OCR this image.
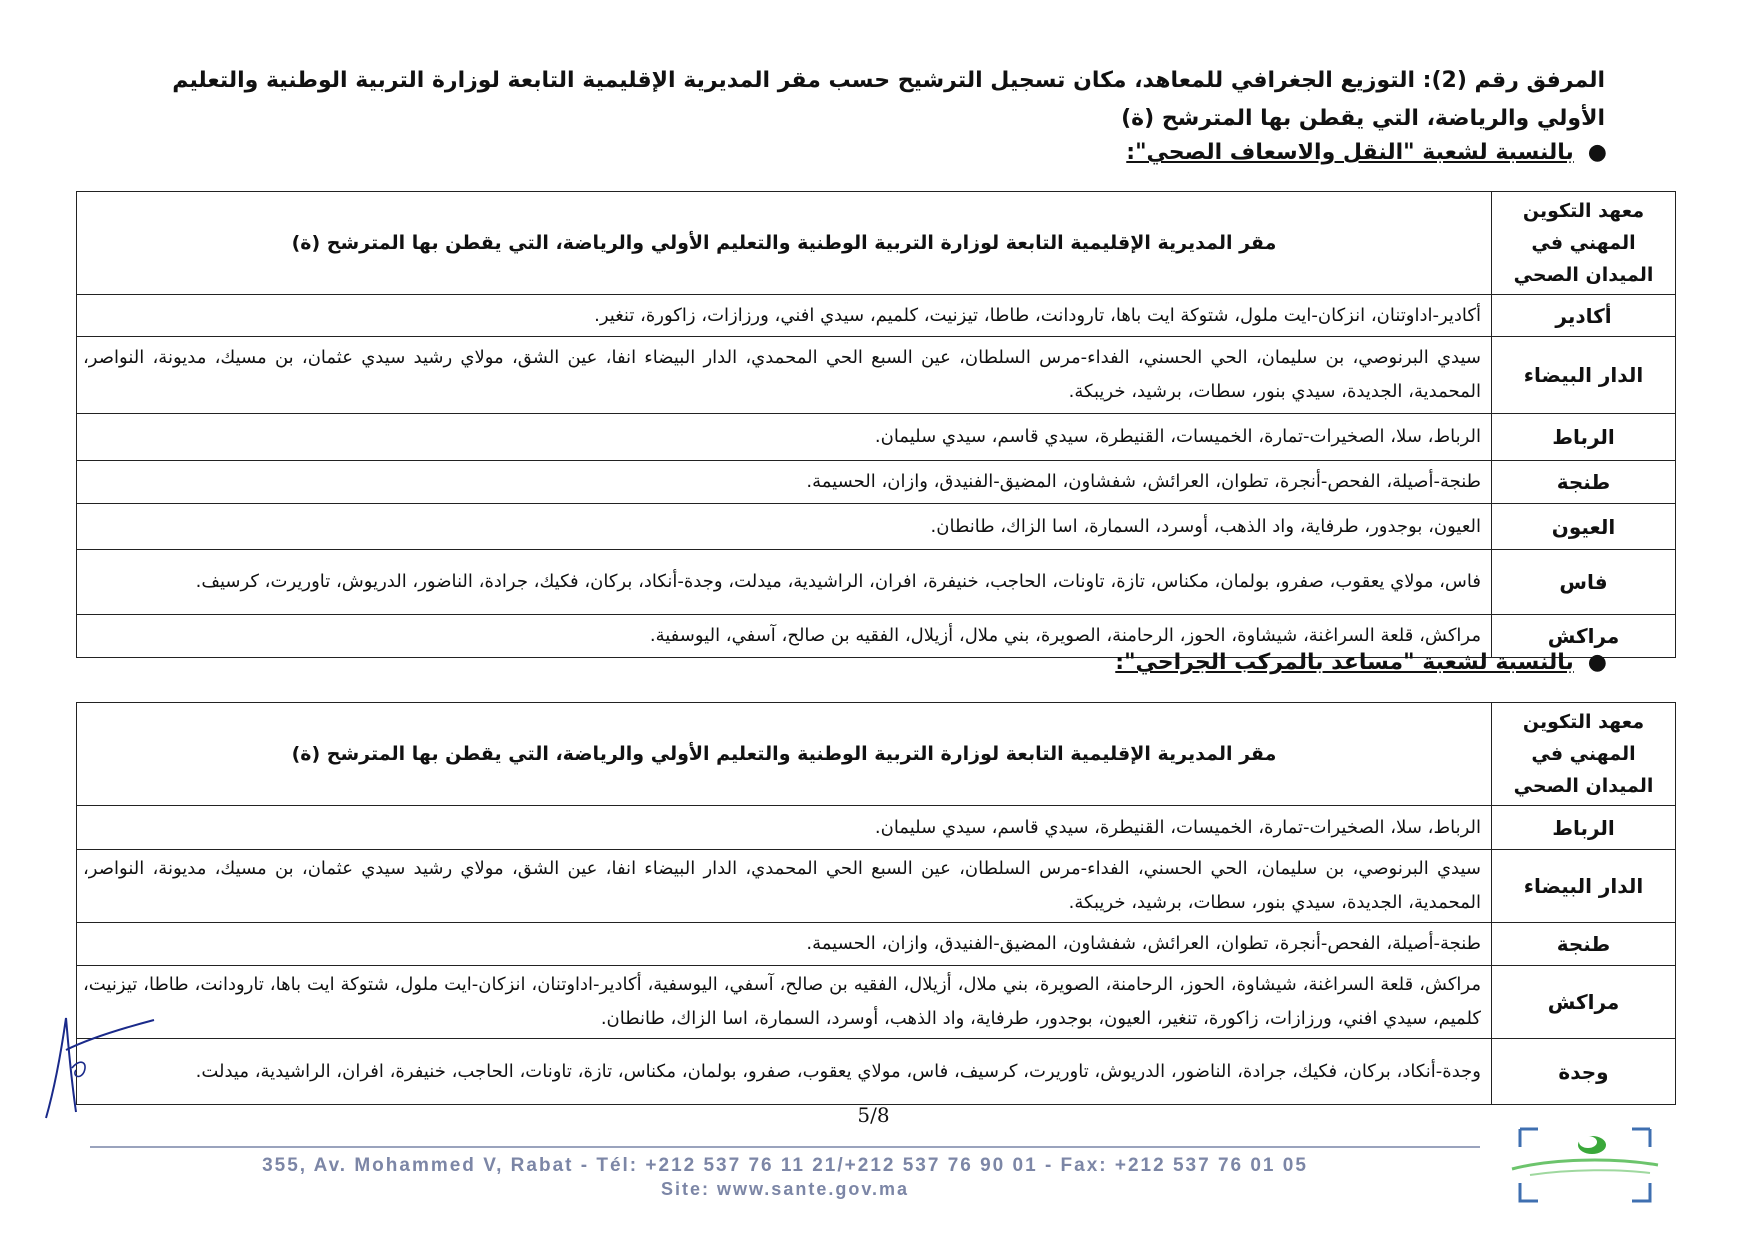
المرفق رقم (2): التوزيع الجغرافي للمعاهد، مكان تسجيل الترشيح حسب مقر المديرية الإقليمية التابعة لوزارة التربية الوطنية والتعليم الأولي والرياضة، التي يقطن بها المترشح (ة)
●بالنسبة لشعبة "النقل والاسعاف الصحي":
معهد التكوين المهني في الميدان الصحي	مقر المديرية الإقليمية التابعة لوزارة التربية الوطنية والتعليم الأولي والرياضة، التي يقطن بها المترشح (ة)
أكادير	أكادير-اداوتنان، انزكان-ايت ملول، شتوكة ايت باها، تارودانت، طاطا، تيزنيت، كلميم، سيدي افني، ورزازات، زاكورة، تنغير.
الدار البيضاء	سيدي البرنوصي، بن سليمان، الحي الحسني، الفداء-مرس السلطان، عين السبع الحي المحمدي، الدار البيضاء انفا، عين الشق، مولاي رشيد سيدي عثمان، بن مسيك، مديونة، النواصر، المحمدية، الجديدة، سيدي بنور، سطات، برشيد، خريبكة.
الرباط	الرباط، سلا، الصخيرات-تمارة، الخميسات، القنيطرة، سيدي قاسم، سيدي سليمان.
طنجة	طنجة-أصيلة، الفحص-أنجرة، تطوان، العرائش، شفشاون، المضيق-الفنيدق، وازان، الحسيمة.
العيون	العيون، بوجدور، طرفاية، واد الذهب، أوسرد، السمارة، اسا الزاك، طانطان.
فاس	فاس، مولاي يعقوب، صفرو، بولمان، مكناس، تازة، تاونات، الحاجب، خنيفرة، افران، الراشيدية، ميدلت، وجدة-أنكاد، بركان، فكيك، جرادة، الناضور، الدريوش، تاوريرت، كرسيف.
مراكش	مراكش، قلعة السراغنة، شيشاوة، الحوز، الرحامنة، الصويرة، بني ملال، أزيلال، الفقيه بن صالح، آسفي، اليوسفية.
●بالنسبة لشعبة "مساعد بالمركب الجراحي":
معهد التكوين المهني في الميدان الصحي	مقر المديرية الإقليمية التابعة لوزارة التربية الوطنية والتعليم الأولي والرياضة، التي يقطن بها المترشح (ة)
الرباط	الرباط، سلا، الصخيرات-تمارة، الخميسات، القنيطرة، سيدي قاسم، سيدي سليمان.
الدار البيضاء	سيدي البرنوصي، بن سليمان، الحي الحسني، الفداء-مرس السلطان، عين السبع الحي المحمدي، الدار البيضاء انفا، عين الشق، مولاي رشيد سيدي عثمان، بن مسيك، مديونة، النواصر، المحمدية، الجديدة، سيدي بنور، سطات، برشيد، خريبكة.
طنجة	طنجة-أصيلة، الفحص-أنجرة، تطوان، العرائش، شفشاون، المضيق-الفنيدق، وازان، الحسيمة.
مراكش	مراكش، قلعة السراغنة، شيشاوة، الحوز، الرحامنة، الصويرة، بني ملال، أزيلال، الفقيه بن صالح، آسفي، اليوسفية، أكادير-اداوتنان، انزكان-ايت ملول، شتوكة ايت باها، تارودانت، طاطا، تيزنيت، كلميم، سيدي افني، ورزازات، زاكورة، تنغير، العيون، بوجدور، طرفاية، واد الذهب، أوسرد، السمارة، اسا الزاك، طانطان.
وجدة	وجدة-أنكاد، بركان، فكيك، جرادة، الناضور، الدريوش، تاوريرت، كرسيف، فاس، مولاي يعقوب، صفرو، بولمان، مكناس، تازة، تاونات، الحاجب، خنيفرة، افران، الراشيدية، ميدلت.
5/8
355, Av. Mohammed V, Rabat - Tél: +212 537 76 11 21/+212 537 76 90 01 - Fax: +212 537 76 01 05
Site: www.sante.gov.ma
